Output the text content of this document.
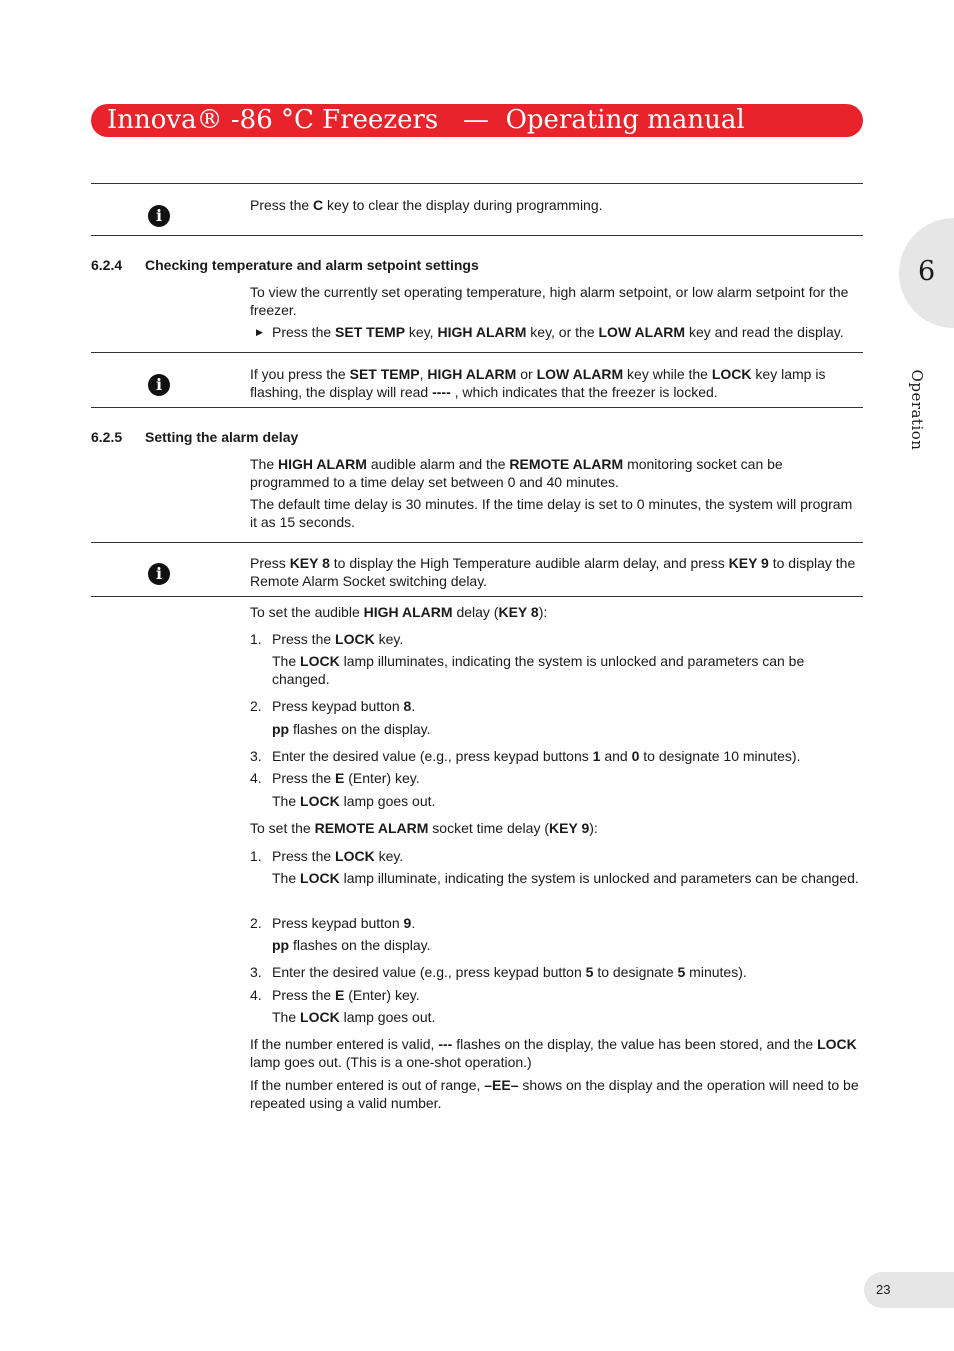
Innova® -86 °C Freezers   —  Operating manual
6
Operation
i
Press the C key to clear the display during programming.
6.2.4 Checking temperature and alarm setpoint settings
To view the currently set operating temperature, high alarm setpoint, or low alarm setpoint for the freezer.
▶ Press the SET TEMP key, HIGH ALARM key, or the LOW ALARM key and read the display.
i
If you press the SET TEMP, HIGH ALARM or LOW ALARM key while the LOCK key lamp is flashing, the display will read ---- , which indicates that the freezer is locked.
6.2.5 Setting the alarm delay
The HIGH ALARM audible alarm and the REMOTE ALARM monitoring socket can be programmed to a time delay set between 0 and 40 minutes.
The default time delay is 30 minutes. If the time delay is set to 0 minutes, the system will program it as 15 seconds.
i
Press KEY 8 to display the High Temperature audible alarm delay, and press KEY 9 to display the Remote Alarm Socket switching delay.
To set the audible HIGH ALARM delay (KEY 8):
1. Press the LOCK key.
The LOCK lamp illuminates, indicating the system is unlocked and parameters can be changed.
2. Press keypad button 8.
pp flashes on the display.
3. Enter the desired value (e.g., press keypad buttons 1 and 0 to designate 10 minutes).
4. Press the E (Enter) key.
The LOCK lamp goes out.
To set the REMOTE ALARM socket time delay (KEY 9):
1. Press the LOCK key.
The LOCK lamp illuminate, indicating the system is unlocked and parameters can be changed.
2. Press keypad button 9.
pp flashes on the display.
3. Enter the desired value (e.g., press keypad button 5 to designate 5 minutes).
4. Press the E (Enter) key.
The LOCK lamp goes out.
If the number entered is valid, --- flashes on the display, the value has been stored, and the LOCK lamp goes out. (This is a one-shot operation.)
If the number entered is out of range, –EE– shows on the display and the operation will need to be repeated using a valid number.
23
